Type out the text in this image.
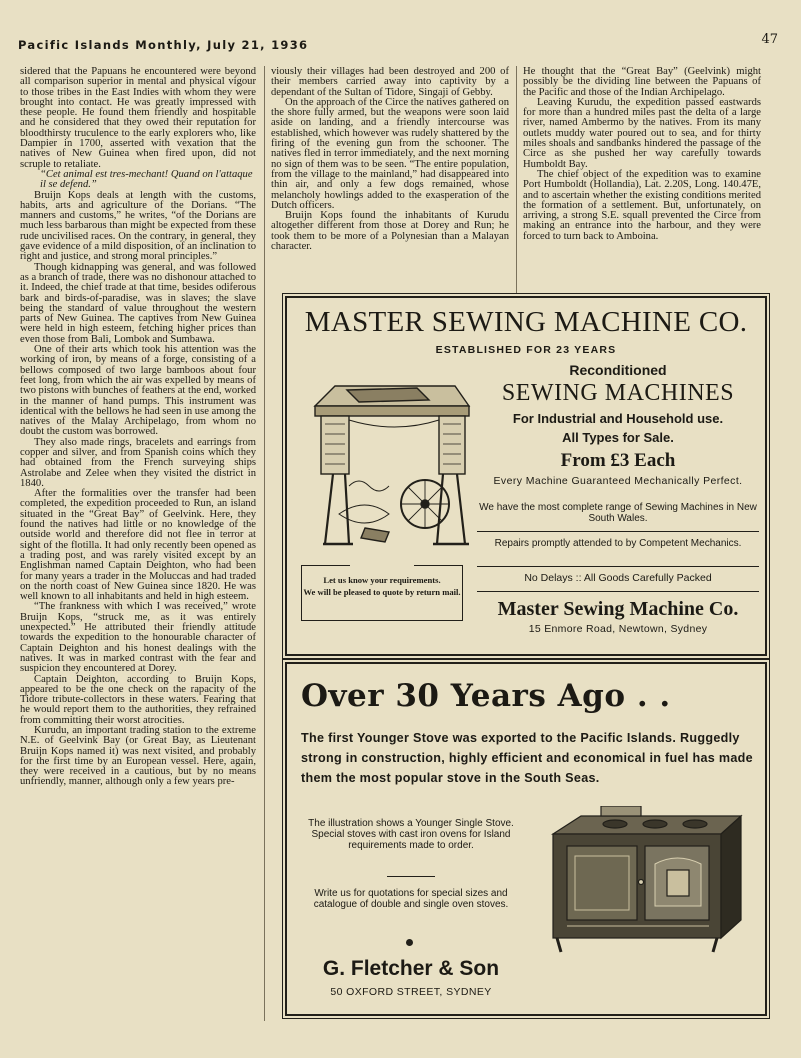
Pacific Islands Monthly, July 21, 1936	47

sidered that the Papuans he encountered were beyond all comparison superior in mental and physical vigour to those tribes in the East Indies with whom they were brought into contact. He was greatly impressed with these people. He found them friendly and hospitable and he considered that they owed their reputation for bloodthirsty truculence to the early explorers who, like Dampier in 1700, asserted with vexation that the natives of New Guinea when fired upon, did not scruple to retaliate.

“Cet animal est tres-mechant! Quand on l'attaque il se defend.”

Bruijn Kops deals at length with the customs, habits, arts and agriculture of the Dorians. “The manners and customs,” he writes, “of the Dorians are much less barbarous than might be expected from these rude uncivilised races. On the contrary, in general, they gave evidence of a mild disposition, of an inclination to right and justice, and strong moral principles.”

Though kidnapping was general, and was followed as a branch of trade, there was no dishonour attached to it. Indeed, the chief trade at that time, besides odiferous bark and birds-of-paradise, was in slaves; the slave being the standard of value throughout the western parts of New Guinea. The captives from New Guinea were held in high esteem, fetching higher prices than even those from Bali, Lombok and Sumbawa.

One of their arts which took his attention was the working of iron, by means of a forge, consisting of a bellows composed of two large bamboos about four feet long, from which the air was expelled by means of two pistons with bunches of feathers at the end, worked in the manner of hand pumps. This instrument was identical with the bellows he had seen in use among the natives of the Malay Archipelago, from whom no doubt the custom was borrowed.

They also made rings, bracelets and earrings from copper and silver, and from Spanish coins which they had obtained from the French surveying ships Astrolabe and Zelee when they visited the district in 1840.

After the formalities over the transfer had been completed, the expedition proceeded to Run, an island situated in the “Great Bay” of Geelvink. Here, they found the natives had little or no knowledge of the outside world and therefore did not flee in terror at sight of the flotilla. It had only recently been opened as a trading post, and was rarely visited except by an Englishman named Captain Deighton, who had been for many years a trader in the Moluccas and had traded on the north coast of New Guinea since 1820. He was well known to all inhabitants and held in high esteem.

“The frankness with which I was received,” wrote Bruijn Kops, “struck me, as it was entirely unexpected.” He attributed their friendly attitude towards the expedition to the honourable character of Captain Deighton and his honest dealings with the natives. It was in marked contrast with the fear and suspicion they encountered at Dorey.

Captain Deighton, according to Bruijn Kops, appeared to be the one check on the rapacity of the Tidore tribute-collectors in these waters. Fearing that he would report them to the authorities, they refrained from committing their worst atrocities.

Kurudu, an important trading station to the extreme N.E. of Geelvink Bay (or Great Bay, as Lieutenant Bruijn Kops named it) was next visited, and probably for the first time by an European vessel. Here, again, they were received in a cautious, but by no means unfriendly, manner, although only a few years pre-

viously their villages had been destroyed and 200 of their members carried away into captivity by a dependant of the Sultan of Tidore, Singaji of Gebby.

On the approach of the Circe the natives gathered on the shore fully armed, but the weapons were soon laid aside on landing, and a friendly intercourse was established, which however was rudely shattered by the firing of the evening gun from the schooner. The natives fled in terror immediately, and the next morning no sign of them was to be seen. “The entire population, from the village to the mainland,” had disappeared into thin air, and only a few dogs remained, whose melancholy howlings added to the exasperation of the Dutch officers.

Bruijn Kops found the inhabitants of Kurudu altogether different from those at Dorey and Run; he took them to be more of a Polynesian than a Malayan character.

He thought that the “Great Bay” (Geelvink) might possibly be the dividing line between the Papuans of the Pacific and those of the Indian Archipelago.

Leaving Kurudu, the expedition passed eastwards for more than a hundred miles past the delta of a large river, named Ambermo by the natives. From its many outlets muddy water poured out to sea, and for thirty miles shoals and sandbanks hindered the passage of the Circe as she pushed her way carefully towards Humboldt Bay.

The chief object of the expedition was to examine Port Humboldt (Hollandia), Lat. 2.20S, Long. 140.47E, and to ascertain whether the existing conditions merited the formation of a settlement. But, unfortunately, on arriving, a strong S.E. squall prevented the Circe from making an entrance into the harbour, and they were forced to turn back to Amboina.

MASTER SEWING MACHINE CO.
ESTABLISHED FOR 23 YEARS
Reconditioned
SEWING MACHINES
For Industrial and Household use.
All Types for Sale.
From £3 Each
Every Machine Guaranteed Mechanically Perfect.
We have the most complete range of Sewing Machines in New South Wales.
Repairs promptly attended to by Competent Mechanics.
No Delays :: All Goods Carefully Packed
Master Sewing Machine Co.
15 Enmore Road, Newtown, Sydney
Let us know your requirements.
We will be pleased to quote by return mail.
Over 30 Years Ago . .
The first Younger Stove was exported to the Pacific Islands. Ruggedly strong in construction, highly efficient and economical in fuel has made them the most popular stove in the South Seas.
The illustration shows a Younger Single Stove. Special stoves with cast iron ovens for Island requirements made to order.
Write us for quotations for special sizes and catalogue of double and single oven stoves.
G. Fletcher & Son
50 OXFORD STREET, SYDNEY
